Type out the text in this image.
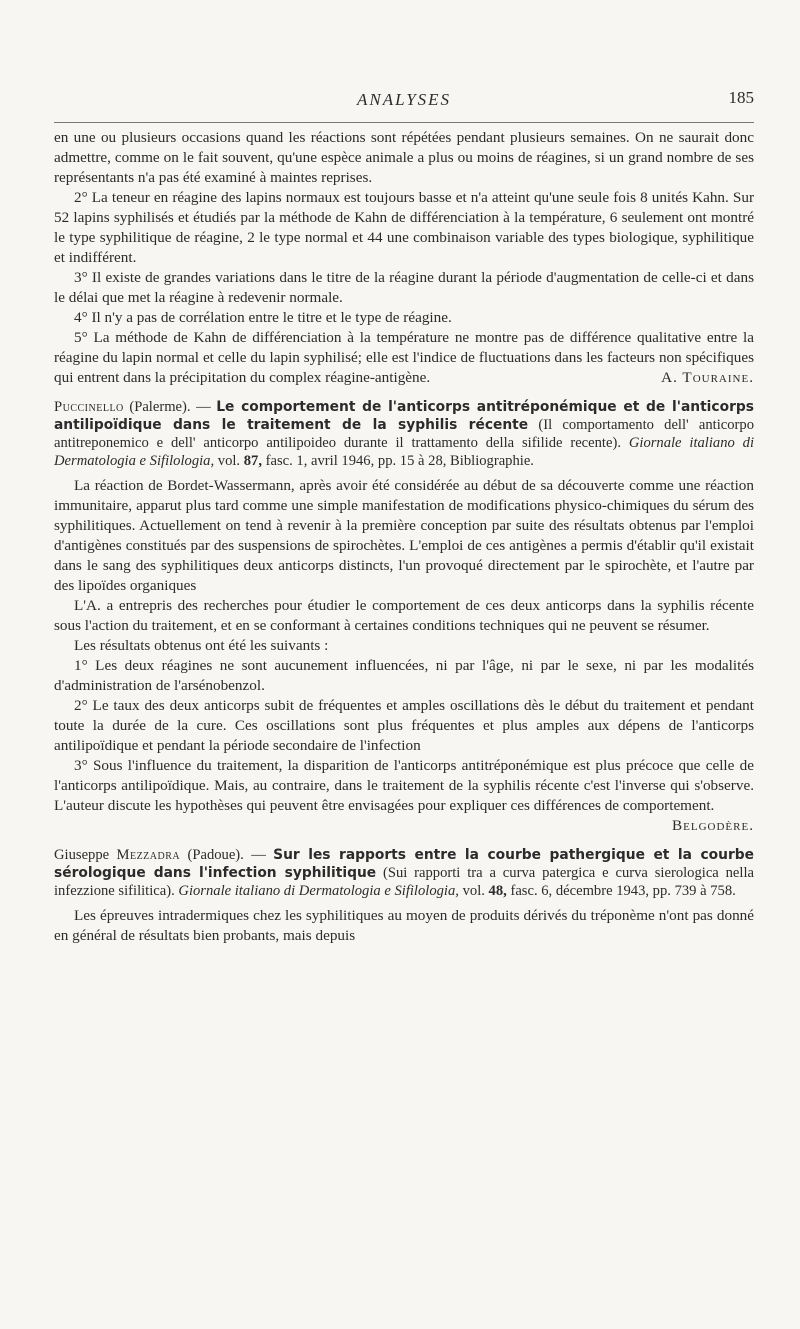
ANALYSES	185

en une ou plusieurs occasions quand les réactions sont répétées pendant plusieurs semaines. On ne saurait donc admettre, comme on le fait souvent, qu'une espèce animale a plus ou moins de réagines, si un grand nombre de ses représentants n'a pas été examiné à maintes reprises.

2° La teneur en réagine des lapins normaux est toujours basse et n'a atteint qu'une seule fois 8 unités Kahn. Sur 52 lapins syphilisés et étudiés par la méthode de Kahn de différenciation à la température, 6 seulement ont montré le type syphilitique de réagine, 2 le type normal et 44 une combinaison variable des types biologique, syphilitique et indifférent.

3° Il existe de grandes variations dans le titre de la réagine durant la période d'augmentation de celle-ci et dans le délai que met la réagine à redevenir normale.

4° Il n'y a pas de corrélation entre le titre et le type de réagine.

5° La méthode de Kahn de différenciation à la température ne montre pas de différence qualitative entre la réagine du lapin normal et celle du lapin syphilisé; elle est l'indice de fluctuations dans les facteurs non spécifiques qui entrent dans la précipitation du complex réagine-antigène.	A. Touraine.

Puccinello (Palerme). — Le comportement de l'anticorps antitréponémique et de l'anticorps antilipoïdique dans le traitement de la syphilis récente (Il comportamento dell' anticorpo antitreponemico e dell' anticorpo antilipoideo durante il trattamento della sifilide recente). Giornale italiano di Dermatologia e Sifilologia, vol. 87, fasc. 1, avril 1946, pp. 15 à 28, Bibliographie.

La réaction de Bordet-Wassermann, après avoir été considérée au début de sa découverte comme une réaction immunitaire, apparut plus tard comme une simple manifestation de modifications physico-chimiques du sérum des syphilitiques. Actuellement on tend à revenir à la première conception par suite des résultats obtenus par l'emploi d'antigènes constitués par des suspensions de spirochètes. L'emploi de ces antigènes a permis d'établir qu'il existait dans le sang des syphilitiques deux anticorps distincts, l'un provoqué directement par le spirochète, et l'autre par des lipoïdes organiques

L'A. a entrepris des recherches pour étudier le comportement de ces deux anticorps dans la syphilis récente sous l'action du traitement, et en se conformant à certaines conditions techniques qui ne peuvent se résumer.

Les résultats obtenus ont été les suivants :

1° Les deux réagines ne sont aucunement influencées, ni par l'âge, ni par le sexe, ni par les modalités d'administration de l'arsénobenzol.

2° Le taux des deux anticorps subit de fréquentes et amples oscillations dès le début du traitement et pendant toute la durée de la cure. Ces oscillations sont plus fréquentes et plus amples aux dépens de l'anticorps antilipoïdique et pendant la période secondaire de l'infection

3° Sous l'influence du traitement, la disparition de l'anticorps antitréponémique est plus précoce que celle de l'anticorps antilipoïdique. Mais, au contraire, dans le traitement de la syphilis récente c'est l'inverse qui s'observe. L'auteur discute les hypothèses qui peuvent être envisagées pour expliquer ces différences de comportement.

Belgodère.

Giuseppe Mezzadra (Padoue). — Sur les rapports entre la courbe pathergique et la courbe sérologique dans l'infection syphilitique (Sui rapporti tra a curva patergica e curva sierologica nella infezzione sifilitica). Giornale italiano di Dermatologia e Sifilologia, vol. 48, fasc. 6, décembre 1943, pp. 739 à 758.

Les épreuves intradermiques chez les syphilitiques au moyen de produits dérivés du tréponème n'ont pas donné en général de résultats bien probants, mais depuis
